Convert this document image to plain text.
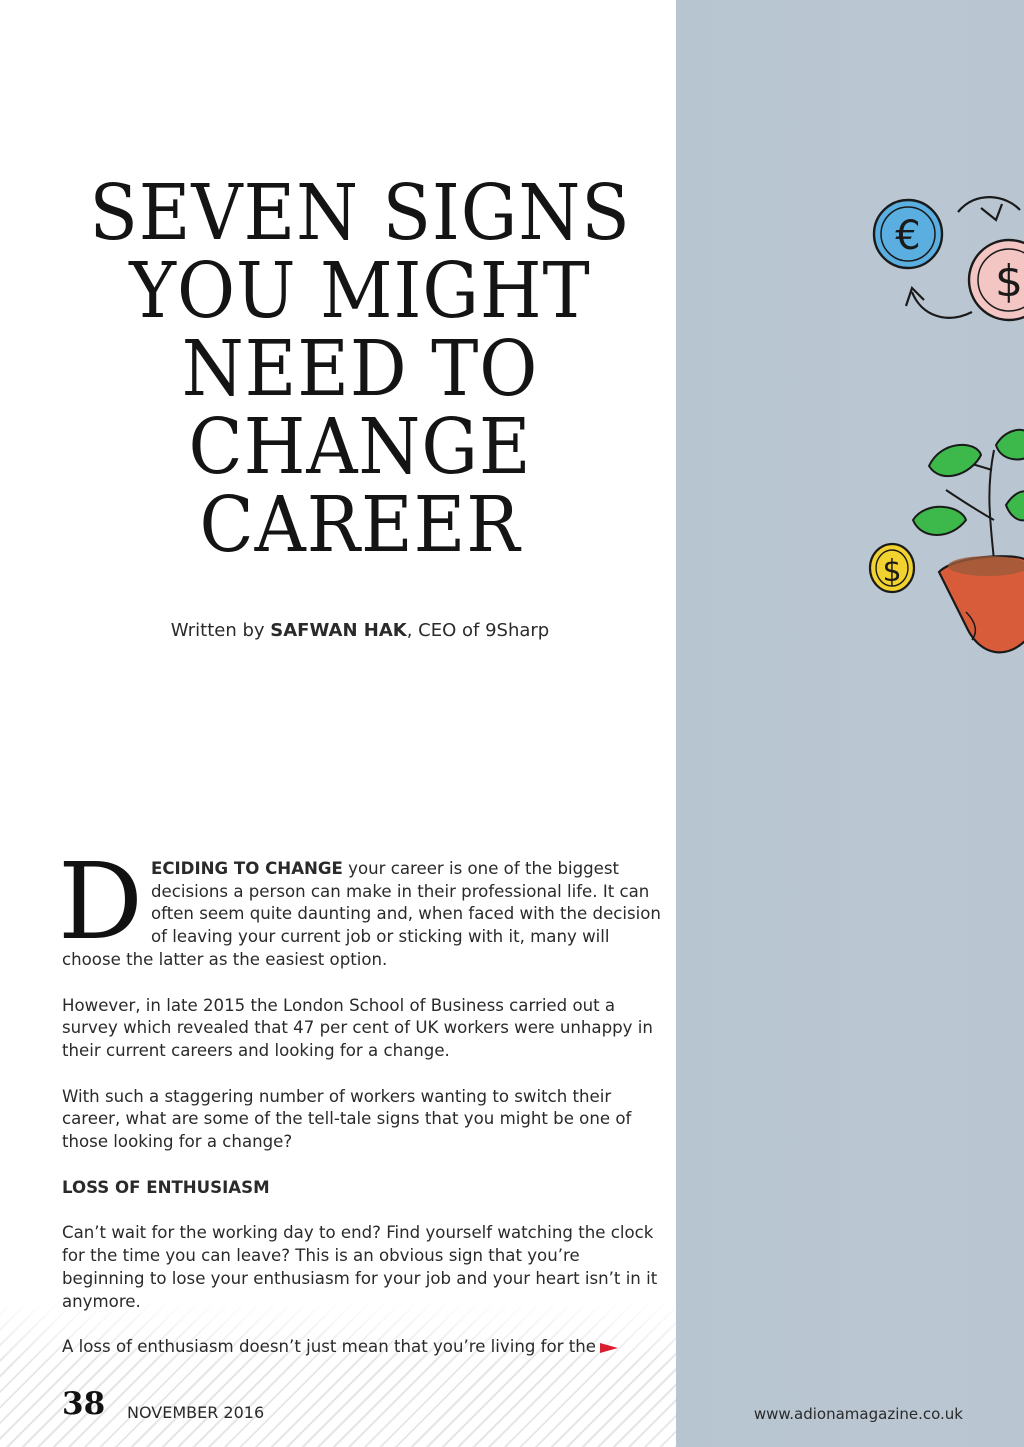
€
$
$
SEVEN SIGNS YOU MIGHT NEED TO CHANGE CAREER
Written by SAFWAN HAK, CEO of 9Sharp

DECIDING TO CHANGE your career is one of the biggest decisions a person can make in their professional life. It can often seem quite daunting and, when faced with the decision of leaving your current job or sticking with it, many will choose the latter as the easiest option.

However, in late 2015 the London School of Business carried out a survey which revealed that 47 per cent of UK workers were unhappy in their current careers and looking for a change.

With such a staggering number of workers wanting to switch their career, what are some of the tell-tale signs that you might be one of those looking for a change?

LOSS OF ENTHUSIASM

Can’t wait for the working day to end? Find yourself watching the clock for the time you can leave? This is an obvious sign that you’re beginning to lose your enthusiasm for your job and your heart isn’t in it anymore.

A loss of enthusiasm doesn’t just mean that you’re living for the

38 NOVEMBER 2016	www.adionamagazine.co.uk
